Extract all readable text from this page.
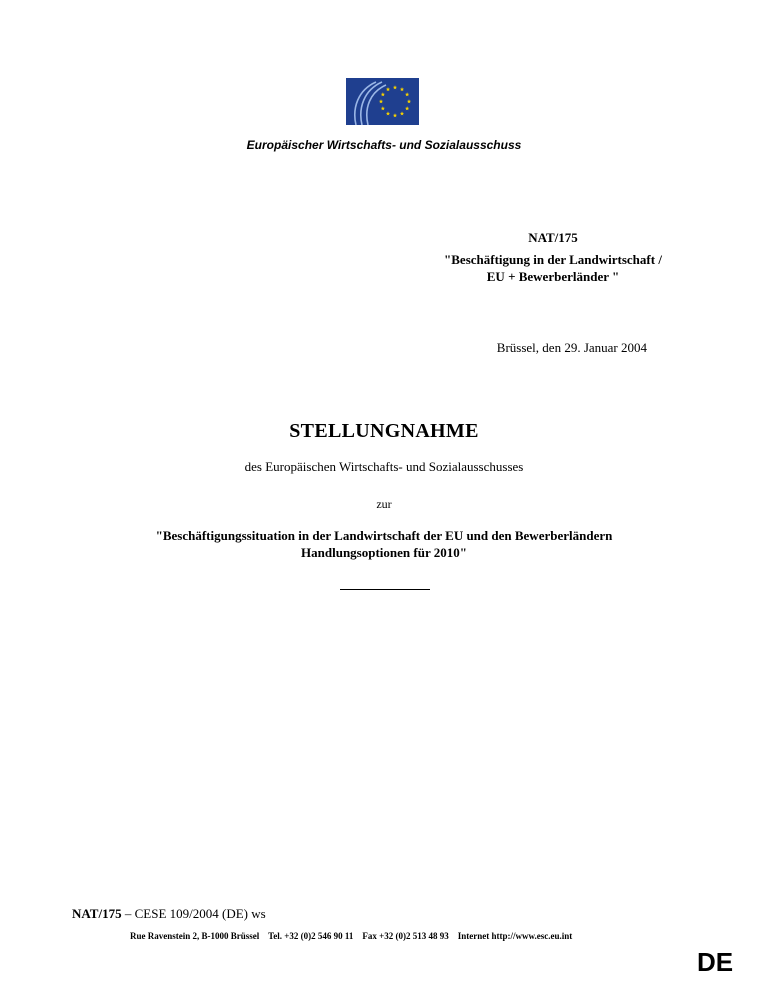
Europäischer Wirtschafts- und Sozialausschuss
NAT/175
"Beschäftigung in der Landwirtschaft /
EU + Bewerberländer "
Brüssel, den 29. Januar 2004
STELLUNGNAHME
des Europäischen Wirtschafts- und Sozialausschusses
zur
"Beschäftigungssituation in der Landwirtschaft der EU und den Bewerberländern
Handlungsoptionen für 2010"
NAT/175 – CESE 109/2004 (DE) ws
Rue Ravenstein 2, B-1000 Brüssel    Tel. +32 (0)2 546 90 11    Fax +32 (0)2 513 48 93    Internet http://www.esc.eu.int
DE
